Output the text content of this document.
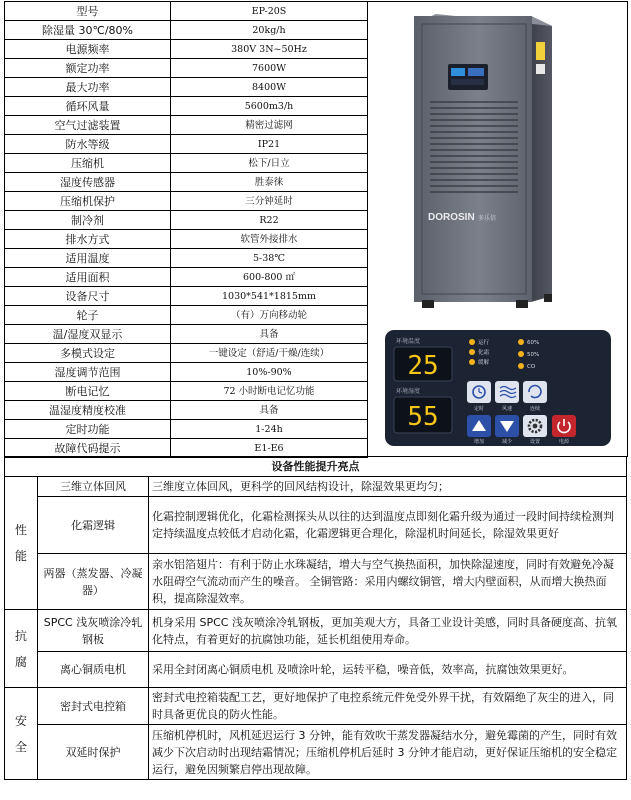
型号	EP-20S
除湿量 30℃/80%	20kg/h
电源频率	380V 3N~50Hz
额定功率	7600W
最大功率	8400W
循环风量	5600m3/h
空气过滤装置	精密过滤网
防水等级	IP21
压缩机	松下/日立
湿度传感器	胜泰徕
压缩机保护	三分钟延时
制冷剂	R22
排水方式	软管外接排水
适用温度	5-38℃
适用面积	600-800 ㎡
设备尺寸	1030*541*1815mm
轮子	（有）万向移动轮
温/湿度双显示	具备
多模式设定	一键设定（舒适/干燥/连续）
湿度调节范围	10%-90%
断电记忆	72 小时断电记忆功能
温湿度精度校准	具备
定时功能	1-24h
故障代码提示	E1-E6
DOROSIN 多乐信
环境温度
25
环境湿度
55
运行
化霜
缓解
60%
50%
CO
定时	风速	连续
增加	减少	设置	电源
设备性能提升亮点		

性
能	三维立体回风	三维度立体回风，更科学的回风结构设计，除湿效果更均匀；
	化霜逻辑	化霜控制逻辑优化，化霜检测探头从以往的达到温度点即刻化霜升级为通过一段时间持续检测判定持续温度点较低才启动化霜，化霜逻辑更合理化，除湿机时间延长，除湿效果更好
	两器（蒸发器、冷凝器）	亲水铝箔翅片：有利于防止水珠凝结，增大与空气换热面积，加快除湿速度，同时有效避免冷凝水阻碍空气流动而产生的噪音。 全铜管路：采用内螺纹铜管，增大内壁面积，从而增大换热面积，提高除湿效率。

抗
腐	SPCC 浅灰喷涂冷轧钢板	机身采用 SPCC 浅灰喷涂冷轧钢板，更加美观大方，具备工业设计美感，同时具备硬度高、抗氧化特点，有着更好的抗腐蚀功能，延长机组使用寿命。
	离心铜质电机	采用全封闭离心铜质电机 及喷涂叶轮，运转平稳，噪音低，效率高，抗腐蚀效果更好。

安
全	密封式电控箱	密封式电控箱装配工艺，更好地保护了电控系统元件免受外界干扰，有效隔绝了灰尘的进入，同时具备更优良的防火性能。
	双延时保护	压缩机停机时，风机延迟运行 3 分钟，能有效吹干蒸发器凝结水分，避免霉菌的产生，同时有效减少下次启动时出现结霜情况；压缩机停机后延时 3 分钟才能启动，更好保证压缩机的安全稳定运行，避免因频繁启停出现故障。
